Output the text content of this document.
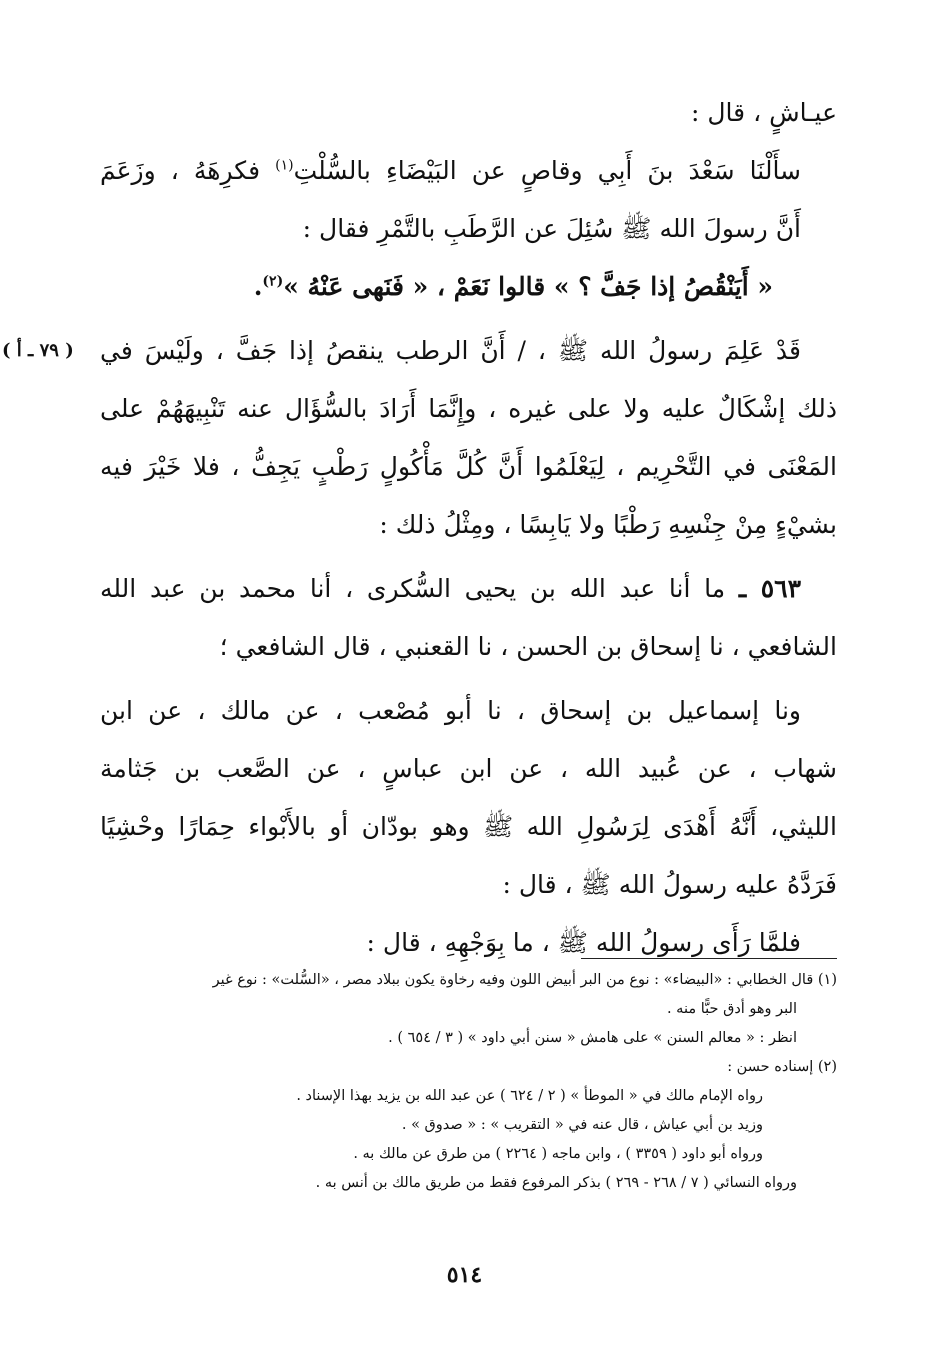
عيـاشٍ ، قال :

سأَلْنَا سَعْدَ بنَ أَبِي وقاصٍ عن البَيْضَاءِ بالسُّلْتِ$^{(١)}$ فكرِهَهُ ، وزَعَمَ
أَنَّ رسولَ الله ﷺ سُئِلَ عن الرَّطَبِ بالتَّمْرِ فقال :
« أَيَنْقُصُ إذا جَفَّ ؟ » قالوا نَعَمْ ، « فَنَهى عَنْهُ »$^{(٢)}$.

قَدْ عَلِمَ رسولُ الله ﷺ ، / أَنَّ الرطب ينقصُ إذا جَفَّ ، ولَيْسَ في
ذلك إشْكَالٌ عليه ولا على غيره ، وإِنَّمَا أَرَادَ بالسُّؤَال عنه تَنْبِيهَهُمْ على
المَعْنَى في التَّحْرِيم ، لِيَعْلَمُوا أَنَّ كُلَّ مَأْكُولٍ رَطْبٍ يَجِفُّ ، فلا خَيْرَ فيه
بشيْءٍ مِنْ جِنْسِهِ رَطْبًا ولا يَابِسًا ، ومِثْلُ ذلك :

٥٦٣ ـ ما أنا عبد الله بن يحيى السُّكرى ، أنا محمد بن عبد الله
الشافعي ، نا إسحاق بن الحسن ، نا القعنبي ، قال الشافعي ؛

ونا إسماعيل بن إسحاق ، نا أبو مُصْعب ، عن مالك ، عن ابن
شهاب ، عن عُبيد الله ، عن ابن عباسٍ ، عن الصَّعب بن جَثامة
الليثي، أَنَّهُ أَهْدَى لِرَسُولِ الله ﷺ وهو بودّان أو بالأَبْواء حِمَارًا وحْشِيًا
فَرَدَّهُ عليه رسولُ الله ﷺ ، قال :

فلمَّا رَأَى رسولُ الله ﷺ ، ما بِوَجْهِهِ ، قال :

( ٧٩ ـ أ )
(١) قال الخطابي : «البيضاء» : نوع من البر أبيض اللون وفيه رخاوة يكون ببلاد مصر ، «السُّلت» : نوع غير
البر وهو أدق حبًّا منه .
انظر : « معالم السنن » على هامش « سنن أبي داود » ( ٣ / ٦٥٤ ) .
(٢) إسناده حسن :
رواه الإمام مالك في « الموطأ » ( ٢ / ٦٢٤ ) عن عبد الله بن يزيد بهذا الإسناد .
وزيد بن أبي عياش ، قال عنه في « التقريب » : « صدوق » .
ورواه أبو داود ( ٣٣٥٩ ) ، وابن ماجه ( ٢٢٦٤ ) من طرق عن مالك به .
ورواه النسائي ( ٧ / ٢٦٨ - ٢٦٩ ) بذكر المرفوع فقط من طريق مالك بن أنس به .
٥١٤
